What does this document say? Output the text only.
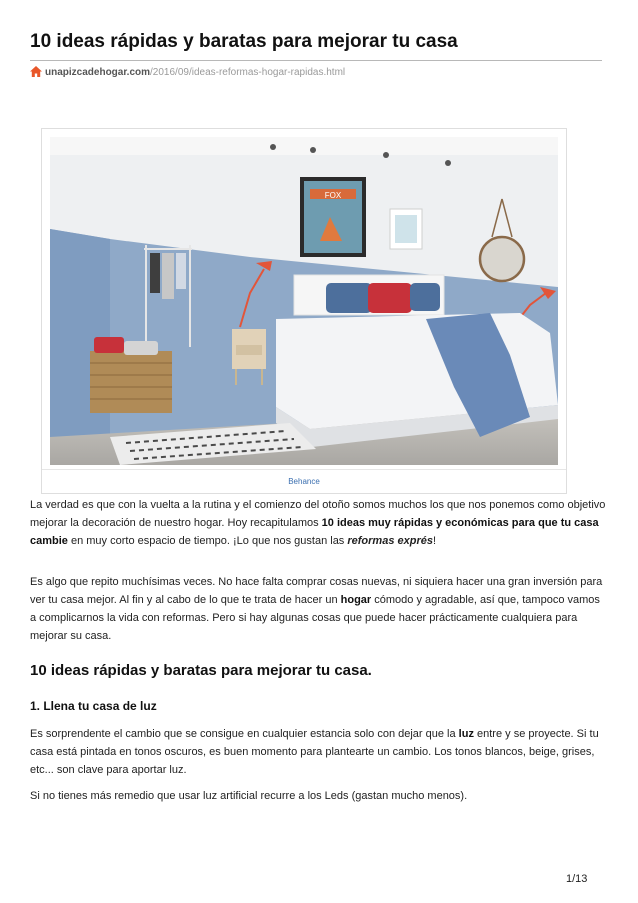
10 ideas rápidas y baratas para mejorar tu casa
unapizcadehogar.com/2016/09/ideas-reformas-hogar-rapidas.html
FOX
Behance

La verdad es que con la vuelta a la rutina y el comienzo del otoño somos muchos los que nos ponemos como objetivo mejorar la decoración de nuestro hogar. Hoy recapitulamos 10 ideas muy rápidas y económicas para que tu casa cambie en muy corto espacio de tiempo. ¡Lo que nos gustan las reformas exprés!

Es algo que repito muchísimas veces. No hace falta comprar cosas nuevas, ni siquiera hacer una gran inversión para ver tu casa mejor. Al fin y al cabo de lo que te trata de hacer un hogar cómodo y agradable, así que, tampoco vamos a complicarnos la vida con reformas. Pero si hay algunas cosas que puede hacer prácticamente cualquiera para mejorar su casa.

10 ideas rápidas y baratas para mejorar tu casa.
1. Llena tu casa de luz

Es sorprendente el cambio que se consigue en cualquier estancia solo con dejar que la luz entre y se proyecte. Si tu casa está pintada en tonos oscuros, es buen momento para plantearte un cambio. Los tonos blancos, beige, grises, etc... son clave para aportar luz.

Si no tienes más remedio que usar luz artificial recurre a los Leds (gastan mucho menos).

1/13
